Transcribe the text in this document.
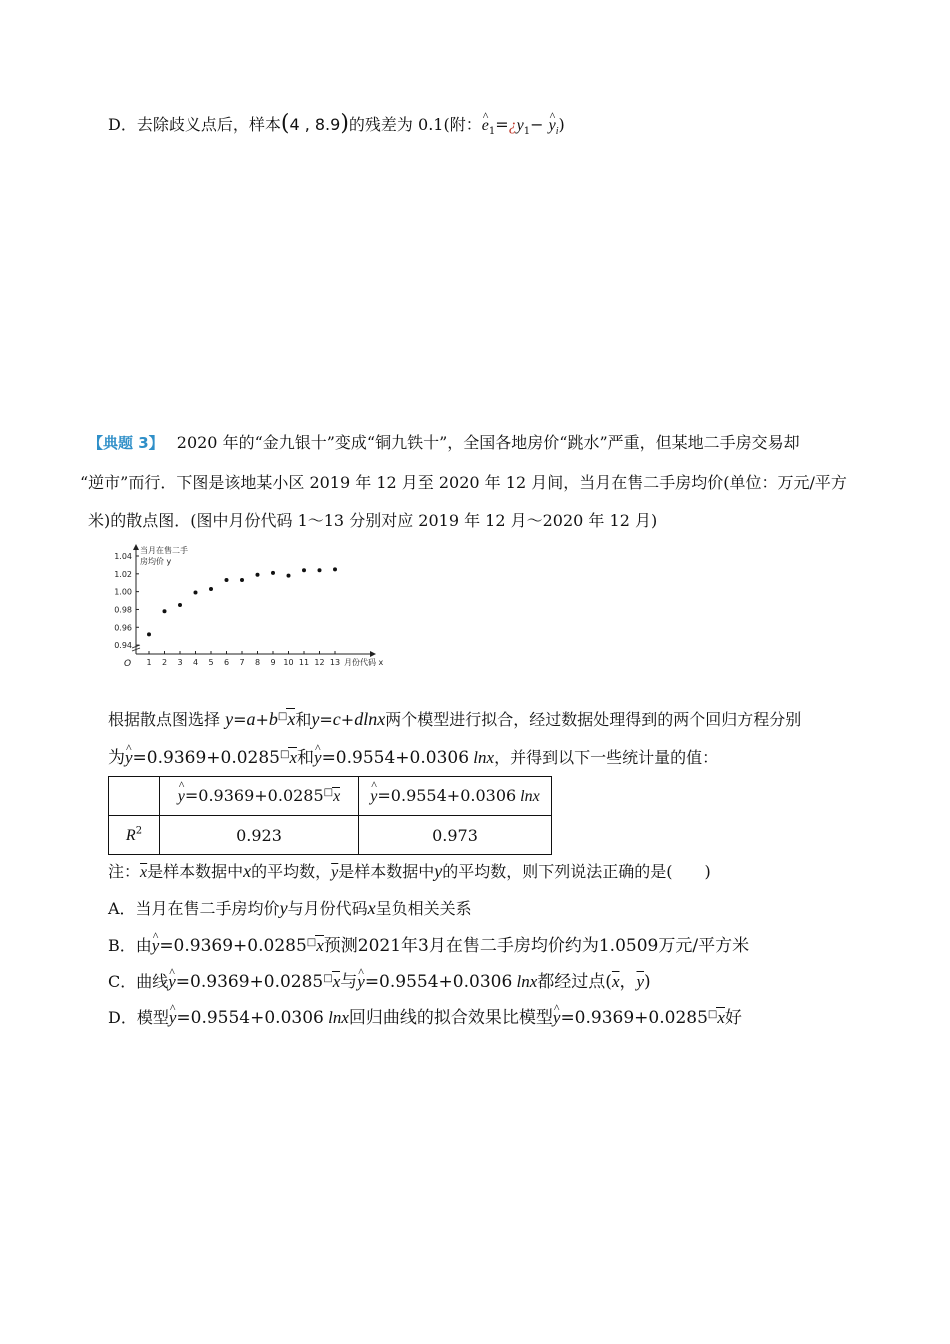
D．去除歧义点后，样本(4 , 8.9)的残差为 0.1(附：^ $e_1=¿y_1-$ ^ $y_i$)
【典题 3】 2020 年的“金九银十”变成“铜九铁十”，全国各地房价“跳水”严重，但某地二手房交易却
“逆市”而行．下图是该地某小区 2019 年 12 月至 2020 年 12 月间，当月在售二手房均价(单位：万元/平方
米)的散点图．(图中月份代码 1～13 分别对应 2019 年 12 月～2020 年 12 月)
0.94
0.96
0.98
1.00
1.02
1.04
1 2 3 4 5 6 7 8 9 10 11 12 13
O
当月在售二手
房均价 y
月份代码 x
根据散点图选择 y=a+b□x和y=c+dlnx两个模型进行拟合，经过数据处理得到的两个回归方程分别
为^ y=0.9369+0.0285□x和^ y=0.9554+0.0306 lnx，并得到以下一些统计量的值：
	^ y=0.9369+0.0285□x	^ y=0.9554+0.0306 lnx
$R^2$	0.923	0.973
注：$\overline{x}$是样本数据中x的平均数，$\overline{y}$是样本数据中y的平均数，则下列说法正确的是(　　)
A．当月在售二手房均价y与月份代码x呈负相关关系
B．由^ y=0.9369+0.0285□x预测2021年3月在售二手房均价约为1.0509万元/平方米
C．曲线^ y=0.9369+0.0285□x与^ y=0.9554+0.0306 lnx都经过点($\overline{x}$，$\overline{y}$)
D．模型^ y=0.9554+0.0306 lnx回归曲线的拟合效果比模型^ y=0.9369+0.0285□x好
